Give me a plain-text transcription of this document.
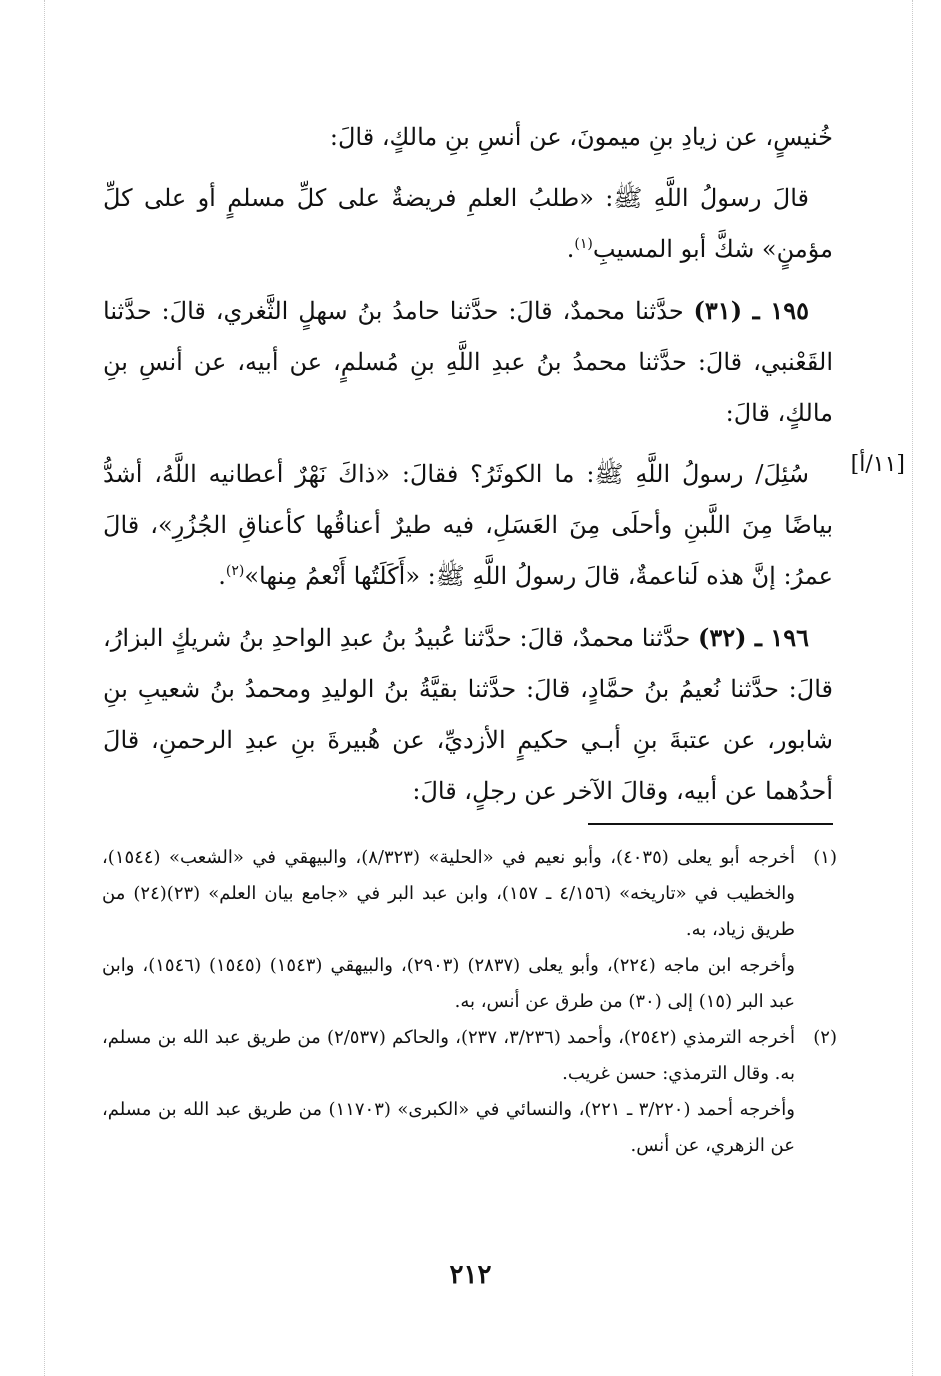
خُنيسٍ، عن زيادِ بنِ ميمونَ، عن أنسِ بنِ مالكٍ، قالَ:

قالَ رسولُ اللَّهِ ﷺ: «طلبُ العلمِ فريضةٌ على كلِّ مسلمٍ أو على كلِّ مؤمنٍ» شكَّ أبو المسيبِ$^{(١)}$.

١٩٥ ـ (٣١) حدَّثنا محمدٌ، قالَ: حدَّثنا حامدُ بنُ سهلٍ الثَّغري، قالَ: حدَّثنا القَعْنبي، قالَ: حدَّثنا محمدُ بنُ عبدِ اللَّهِ بنِ مُسلمٍ، عن أبيه، عن أنسِ بنِ مالكٍ، قالَ:

سُئِلَ/ رسولُ اللَّهِ ﷺ: ما الكوثَرُ؟ فقالَ: «ذاكَ نَهْرٌ أعطانيه اللَّهُ، أشدُّ بياضًا مِنَ اللَّبنِ وأحلَى مِنَ العَسَلِ، فيه طيرٌ أعناقُها كأعناقِ الجُزُرِ»، قالَ عمرُ: إنَّ هذه لَناعمةٌ، قالَ رسولُ اللَّهِ ﷺ: «أَكَلَتُها أَنْعمُ مِنها»$^{(٢)}$.

١٩٦ ـ (٣٢) حدَّثنا محمدٌ، قالَ: حدَّثنا عُبيدُ بنُ عبدِ الواحدِ بنُ شريكٍ البزارُ، قالَ: حدَّثنا نُعيمُ بنُ حمَّادٍ، قالَ: حدَّثنا بقيَّةُ بنُ الوليدِ ومحمدُ بنُ شعيبِ بنِ شابور، عن عتبةَ بنِ أبـي حكيمٍ الأزديِّ، عن هُبيرةَ بنِ عبدِ الرحمنِ، قالَ أحدُهما عن أبيه، وقالَ الآخر عن رجلٍ، قالَ:

[١١/أ]
(١)

أخرجه أبو يعلى (٤٠٣٥)، وأبو نعيم في «الحلية» (٨/٣٢٣)، والبيهقي في «الشعب» (١٥٤٤)، والخطيب في «تاريخه» (٤/١٥٦ ـ ١٥٧)، وابن عبد البر في «جامع بيان العلم» (٢٣)(٢٤) من طريق زياد، به.

وأخرجه ابن ماجه (٢٢٤)، وأبو يعلى (٢٨٣٧) (٢٩٠٣)، والبيهقي (١٥٤٣) (١٥٤٥) (١٥٤٦)، وابن عبد البر (١٥) إلى (٣٠) من طرق عن أنس، به.

(٢)

أخرجه الترمذي (٢٥٤٢)، وأحمد (٣/٢٣٦، ٢٣٧)، والحاكم (٢/٥٣٧) من طريق عبد الله بن مسلم، به. وقال الترمذي: حسن غريب.

وأخرجه أحمد (٣/٢٢٠ ـ ٢٢١)، والنسائي في «الكبرى» (١١٧٠٣) من طريق عبد الله بن مسلم، عن الزهري، عن أنس.

٢١٢
